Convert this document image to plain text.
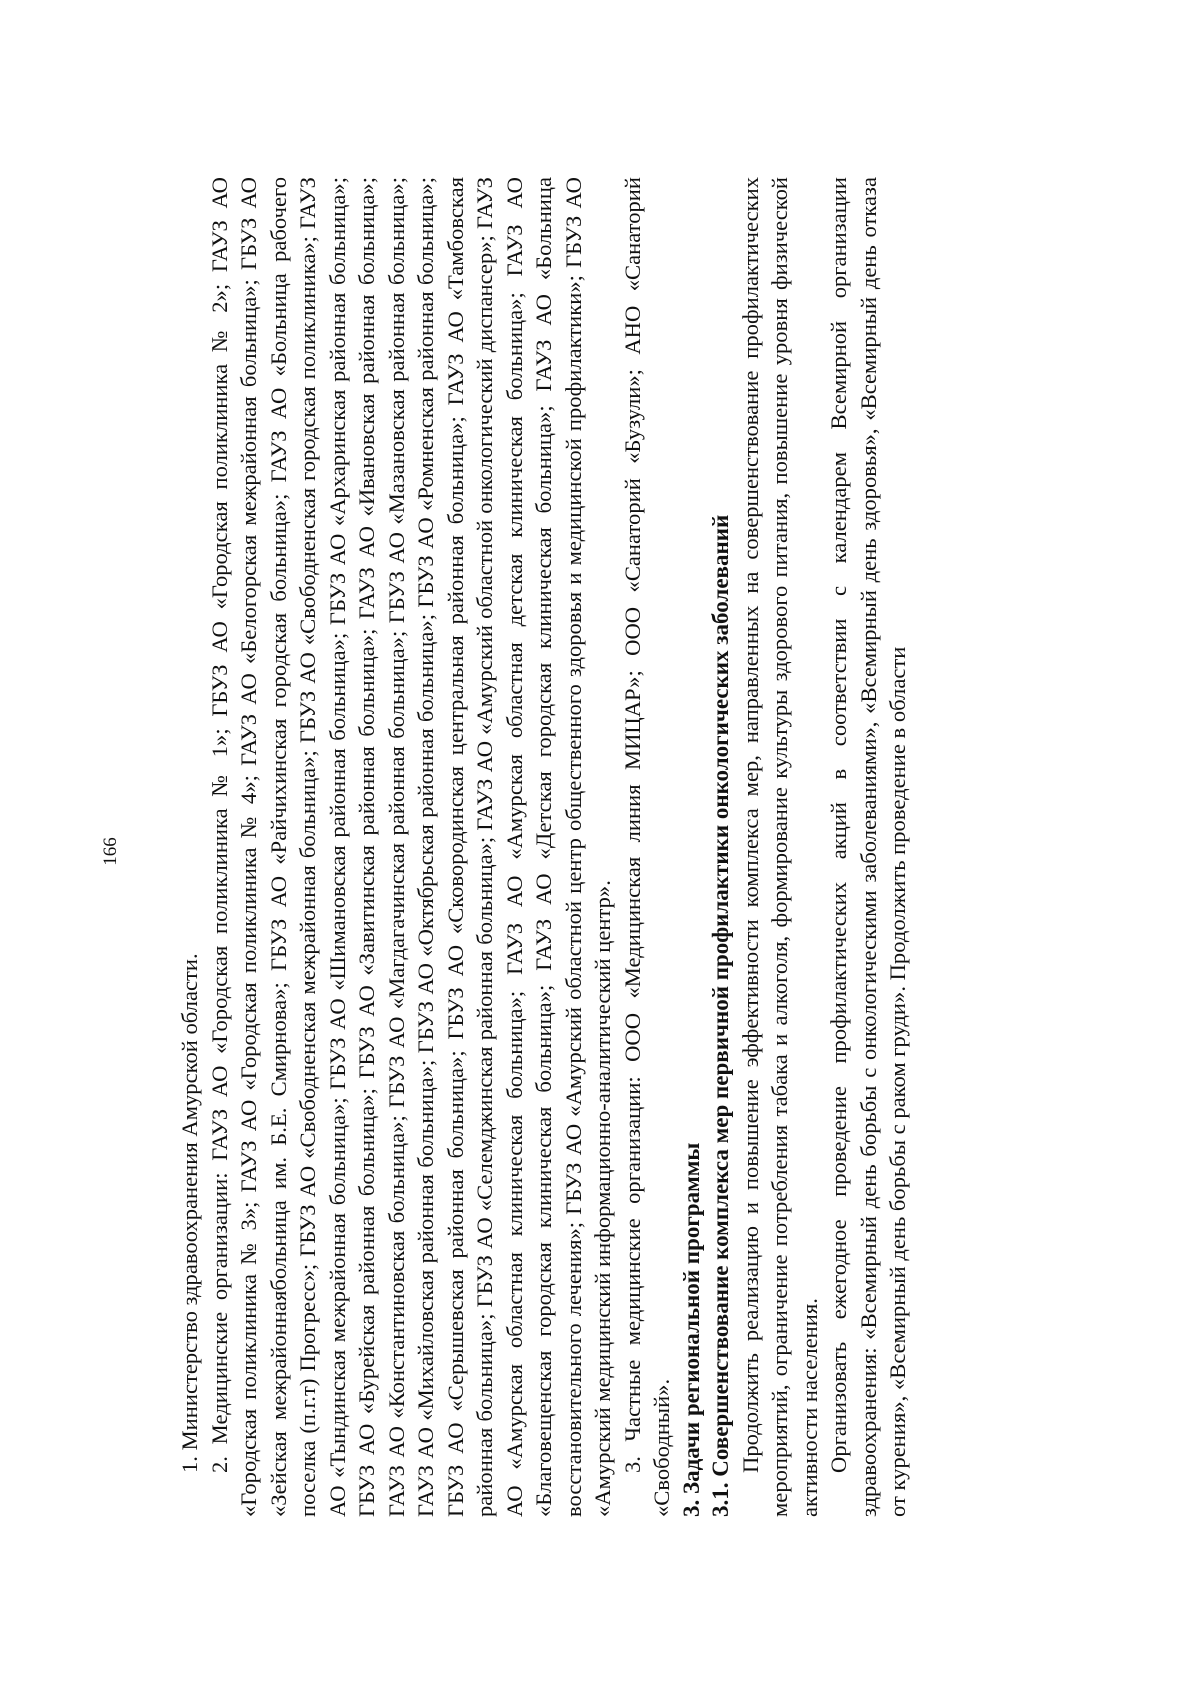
166

1. Министерство здравоохранения Амурской области. 2. Медицинские организации: ГАУЗ АО «Городская поликлиника № 1»; ГБУЗ АО «Городская поликлиника № 2»; ГАУЗ АО «Городская поликлиника № 3»; ГАУЗ АО «Городская поликлиника № 4»; ГАУЗ АО «Белогорская межрайонная больница»; ГБУЗ АО «Зейская межрайоннаябольница им. Б.Е. Смирнова»; ГБУЗ АО «Райчихинская городская больница»; ГАУЗ АО «Больница рабочего поселка (п.г.т) Прогресс»; ГБУЗ АО «Свободненская межрайонная больница»; ГБУЗ АО «Свободненская городская поликлиника»; ГАУЗ АО «Тындинская межрайонная больница»; ГБУЗ АО «Шимановская районная больница»; ГБУЗ АО «Архаринская районная больница»; ГБУЗ АО «Бурейская районная больница»; ГБУЗ АО «Завитинская районная больница»; ГАУЗ АО «Ивановская районная больница»; ГАУЗ АО «Константиновская больница»; ГБУЗ АО «Магдагачинская районная больница»; ГБУЗ АО «Мазановская районная больница»; ГАУЗ АО «Михайловская районная больница»; ГБУЗ АО «Октябрьская районная больница»; ГБУЗ АО «Ромненская районная больница»; ГБУЗ АО «Серышевская районная больница»; ГБУЗ АО «Сковородинская центральная районная больница»; ГАУЗ АО «Тамбовская районная больница»; ГБУЗ АО «Селемджинская районная больница»; ГАУЗ АО «Амурский областной онкологический диспансер»; ГАУЗ АО «Амурская областная клиническая больница»; ГАУЗ АО «Амурская областная детская клиническая больница»; ГАУЗ АО «Благовещенская городская клиническая больница»; ГАУЗ АО «Детская городская клиническая больница»; ГАУЗ АО «Больница восстановительного лечения»; ГБУЗ АО «Амурский областной центр общественного здоровья и медицинской профилактики»; ГБУЗ АО «Амурский медицинский информационно-аналитический центр». 3. Частные медицинские организации: ООО «Медицинская линия МИЦАР»; ООО «Санаторий «Бузули»; АНО «Санаторий «Свободный». 3. Задачи региональной программы 3.1. Совершенствование комплекса мер первичной профилактики онкологических заболеваний Продолжить реализацию и повышение эффективности комплекса мер, направленных на совершенствование профилактических мероприятий, ограничение потребления табака и алкоголя, формирование культуры здорового питания, повышение уровня физической активности населения. Организовать ежегодное проведение профилактических акций в соответствии с календарем Всемирной организации здравоохранения: «Всемирный день борьбы с онкологическими заболеваниями», «Всемирный день здоровья», «Всемирный день отказа от курения», «Всемирный день борьбы с раком груди». Продолжить проведение в области
